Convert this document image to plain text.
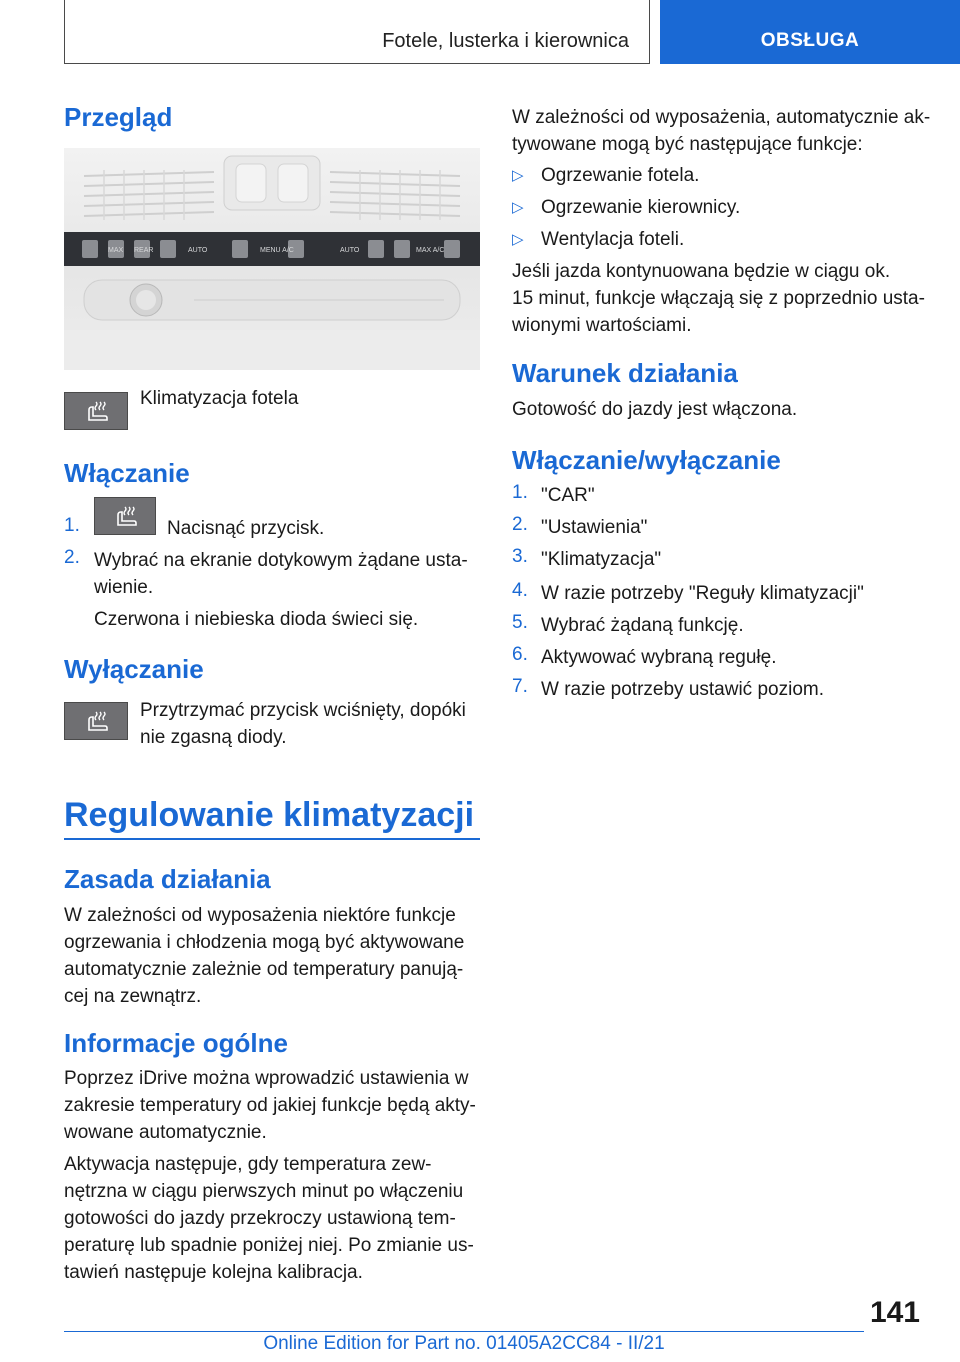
Fotele, lusterka i kierownica	OBSŁUGA
Przegląd
MAX REAR	AUTO	MENU A/C	AUTO	MAX A/C
Klimatyzacja fotela
Włączanie
1.	Nacisnąć przycisk.
2. Wybrać na ekranie dotykowym żądane usta-
wienie.
Czerwona i niebieska dioda świeci się.
Wyłączanie
Przytrzymać przycisk wciśnięty, dopóki
nie zgasną diody.
Regulowanie klimatyzacji
Zasada działania
W zależności od wyposażenia niektóre funkcje
ogrzewania i chłodzenia mogą być aktywowane
automatycznie zależnie od temperatury panują-
cej na zewnątrz.
Informacje ogólne
Poprzez iDrive można wprowadzić ustawienia w
zakresie temperatury od jakiej funkcje będą akty-
wowane automatycznie.
Aktywacja następuje, gdy temperatura zew-
nętrzna w ciągu pierwszych minut po włączeniu
gotowości do jazdy przekroczy ustawioną tem-
peraturę lub spadnie poniżej niej. Po zmianie us-
tawień następuje kolejna kalibracja.
W zależności od wyposażenia, automatycznie ak-
tywowane mogą być następujące funkcje:
▷ Ogrzewanie fotela.
▷ Ogrzewanie kierownicy.
▷ Wentylacja foteli.
Jeśli jazda kontynuowana będzie w ciągu ok.
15 minut, funkcje włączają się z poprzednio usta-
wionymi wartościami.
Warunek działania
Gotowość do jazdy jest włączona.
Włączanie/wyłączanie
1. "CAR"
2. "Ustawienia"
3. "Klimatyzacja"
4. W razie potrzeby "Reguły klimatyzacji"
5. Wybrać żądaną funkcję.
6. Aktywować wybraną regułę.
7. W razie potrzeby ustawić poziom.
141
Online Edition for Part no. 01405A2CC84 - II/21
